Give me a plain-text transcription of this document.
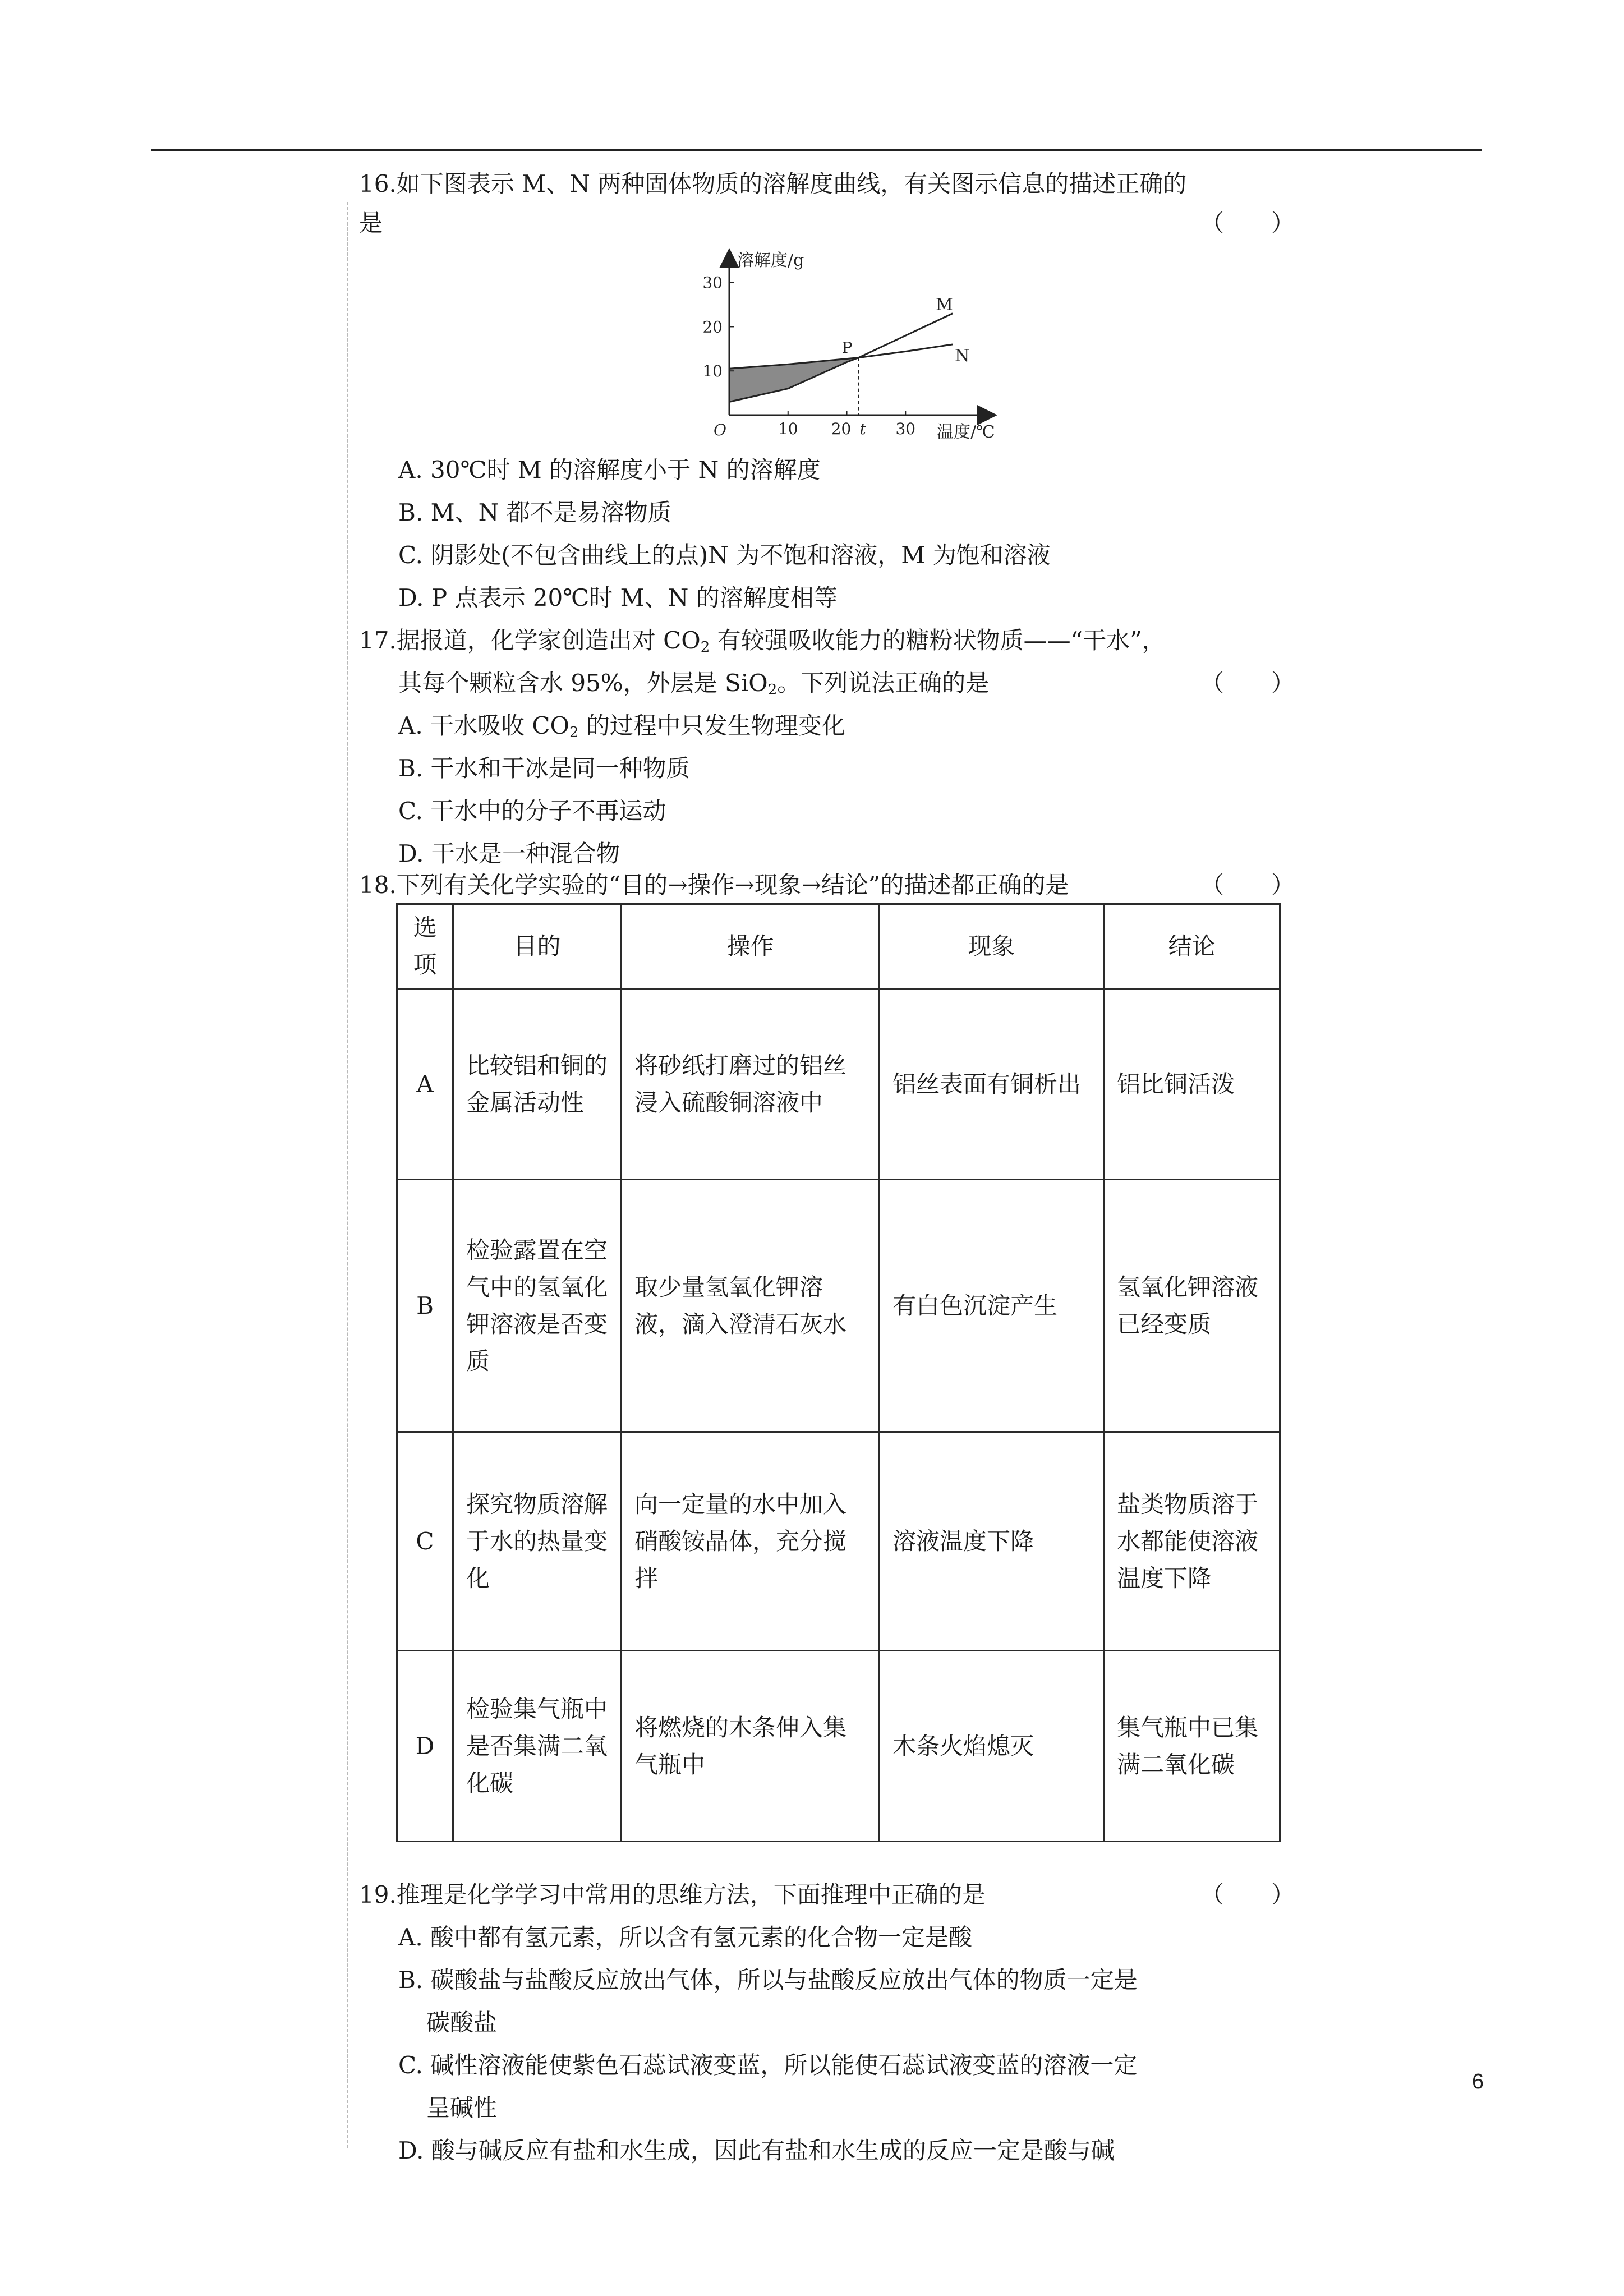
16.如下图表示 M、N 两种固体物质的溶解度曲线，有关图示信息的描述正确的
是	（　　）
10 20	30
10
20
30
t
O
M
N
P
溶解度/g
温度/℃
A. 30℃时 M 的溶解度小于 N 的溶解度
B. M、N 都不是易溶物质
C. 阴影处(不包含曲线上的点)N 为不饱和溶液，M 为饱和溶液
D. P 点表示 20℃时 M、N 的溶解度相等
17.据报道，化学家创造出对 $CO_2$ 有较强吸收能力的糖粉状物质——“干水”，
其每个颗粒含水 95%，外层是 SiO$_2$。下列说法正确的是	（　　）
A. 干水吸收 $CO_2$ 的过程中只发生物理变化
B. 干水和干冰是同一种物质
C. 干水中的分子不再运动
D. 干水是一种混合物
18.下列有关化学实验的“目的→操作→现象→结论”的描述都正确的是	（　　）
选项	目的	操作	现象	结论
A	比较铝和铜的金属活动性	将砂纸打磨过的铝丝浸入硫酸铜溶液中	铝丝表面有铜析出	铝比铜活泼
B	检验露置在空气中的氢氧化钾溶液是否变质	取少量氢氧化钾溶液，滴入澄清石灰水	有白色沉淀产生	氢氧化钾溶液已经变质
C	探究物质溶解于水的热量变化	向一定量的水中加入硝酸铵晶体，充分搅拌	溶液温度下降	盐类物质溶于水都能使溶液温度下降
D	检验集气瓶中是否集满二氧化碳	将燃烧的木条伸入集气瓶中	木条火焰熄灭	集气瓶中已集满二氧化碳
19.推理是化学学习中常用的思维方法，下面推理中正确的是	（　　）
A. 酸中都有氢元素，所以含有氢元素的化合物一定是酸
B. 碳酸盐与盐酸反应放出气体，所以与盐酸反应放出气体的物质一定是
碳酸盐
C. 碱性溶液能使紫色石蕊试液变蓝，所以能使石蕊试液变蓝的溶液一定
呈碱性
D. 酸与碱反应有盐和水生成，因此有盐和水生成的反应一定是酸与碱
6
